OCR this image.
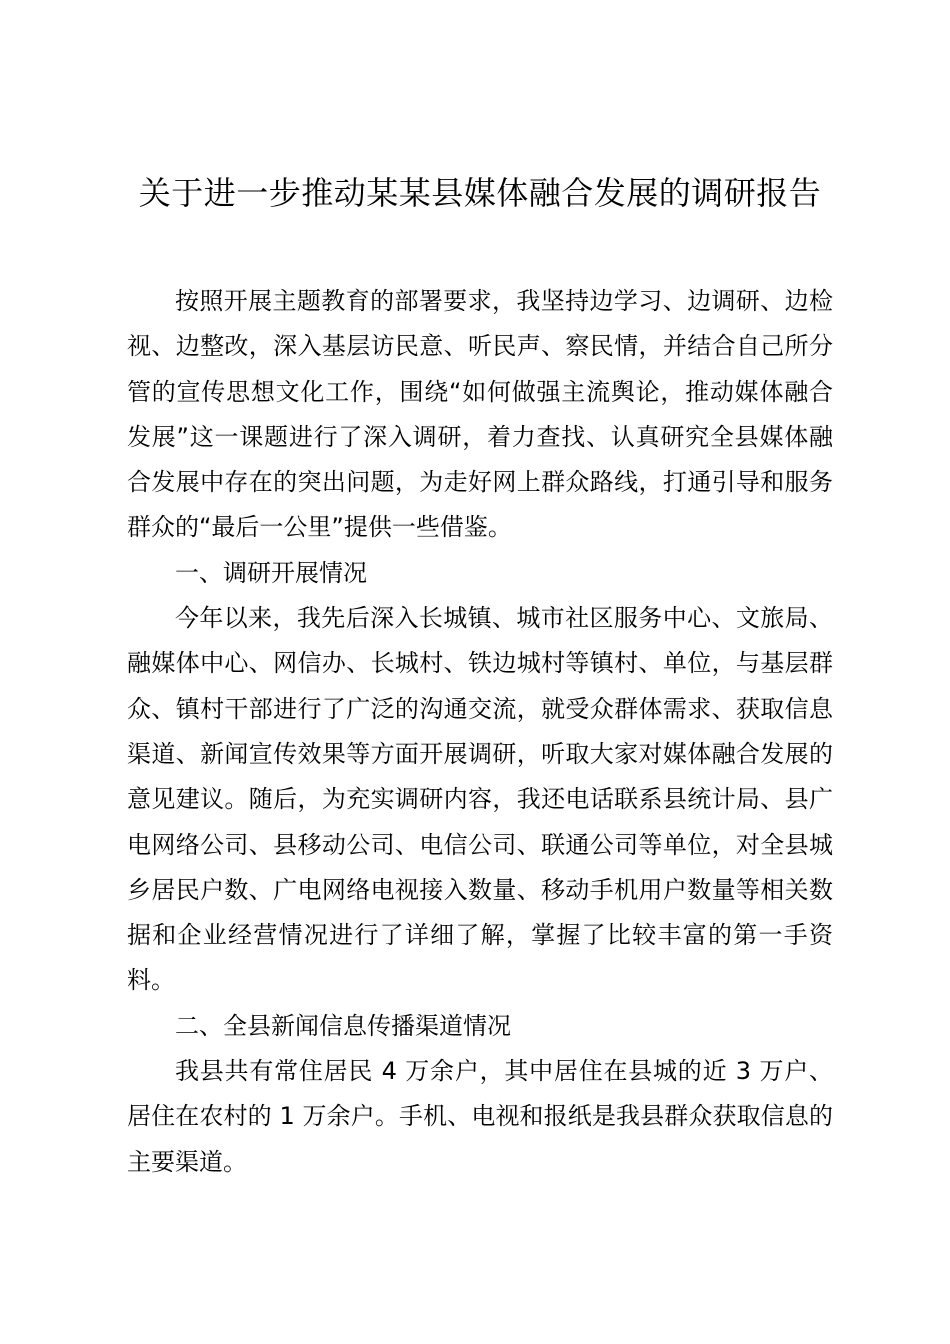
关于进一步推动某某县媒体融合发展的调研报告

按照开展主题教育的部署要求，我坚持边学习、边调研、边检视、边整改，深入基层访民意、听民声、察民情，并结合自己所分管的宣传思想文化工作，围绕“如何做强主流舆论，推动媒体融合发展”这一课题进行了深入调研，着力查找、认真研究全县媒体融合发展中存在的突出问题，为走好网上群众路线，打通引导和服务群众的“最后一公里”提供一些借鉴。

一、调研开展情况

今年以来，我先后深入长城镇、城市社区服务中心、文旅局、融媒体中心、网信办、长城村、铁边城村等镇村、单位，与基层群众、镇村干部进行了广泛的沟通交流，就受众群体需求、获取信息渠道、新闻宣传效果等方面开展调研，听取大家对媒体融合发展的意见建议。随后，为充实调研内容，我还电话联系县统计局、县广电网络公司、县移动公司、电信公司、联通公司等单位，对全县城乡居民户数、广电网络电视接入数量、移动手机用户数量等相关数据和企业经营情况进行了详细了解，掌握了比较丰富的第一手资料。

二、全县新闻信息传播渠道情况

我县共有常住居民 4 万余户，其中居住在县城的近 3 万户、居住在农村的 1 万余户。手机、电视和报纸是我县群众获取信息的主要渠道。
